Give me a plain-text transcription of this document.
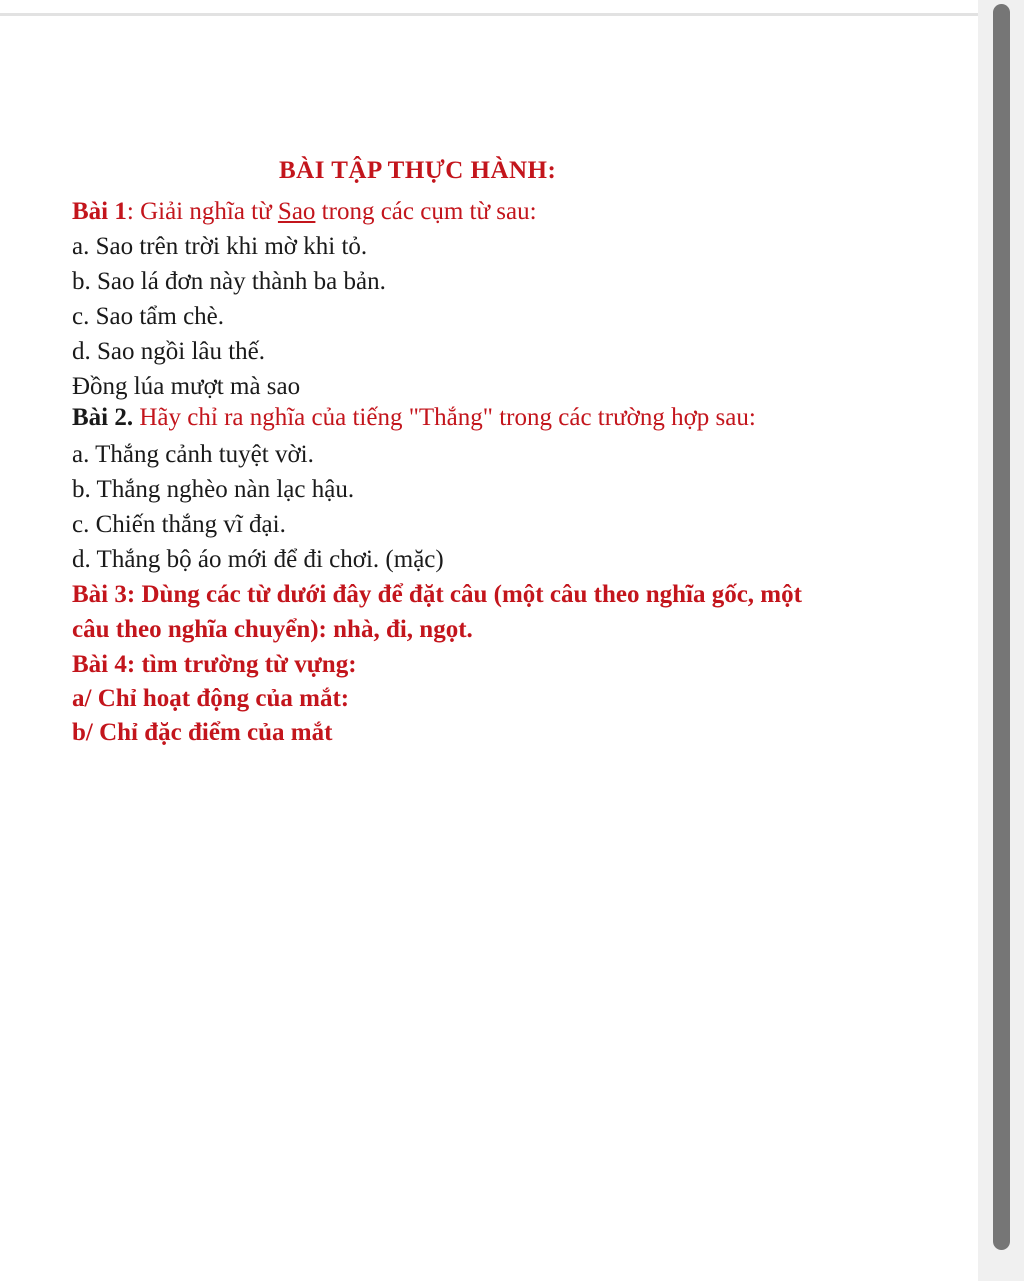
BÀI TẬP THỰC HÀNH:
Bài 1: Giải nghĩa từ Sao trong các cụm từ sau:
a. Sao trên trời khi mờ khi tỏ.
b. Sao lá đơn này thành ba bản.
c. Sao tẩm chè.
d. Sao ngồi lâu thế.
Đồng lúa mượt mà sao
Bài 2. Hãy chỉ ra nghĩa của tiếng "Thắng" trong các trường hợp sau:
a. Thắng cảnh tuyệt vời.
b. Thắng nghèo nàn lạc hậu.
c. Chiến thắng vĩ đại.
d. Thắng bộ áo mới để đi chơi. (mặc)
Bài 3: Dùng các từ dưới đây để đặt câu (một câu theo nghĩa gốc, một
câu theo nghĩa chuyển): nhà, đi, ngọt.
Bài 4: tìm trường từ vựng:
a/ Chỉ hoạt động của mắt:
b/ Chỉ đặc điểm của mắt
